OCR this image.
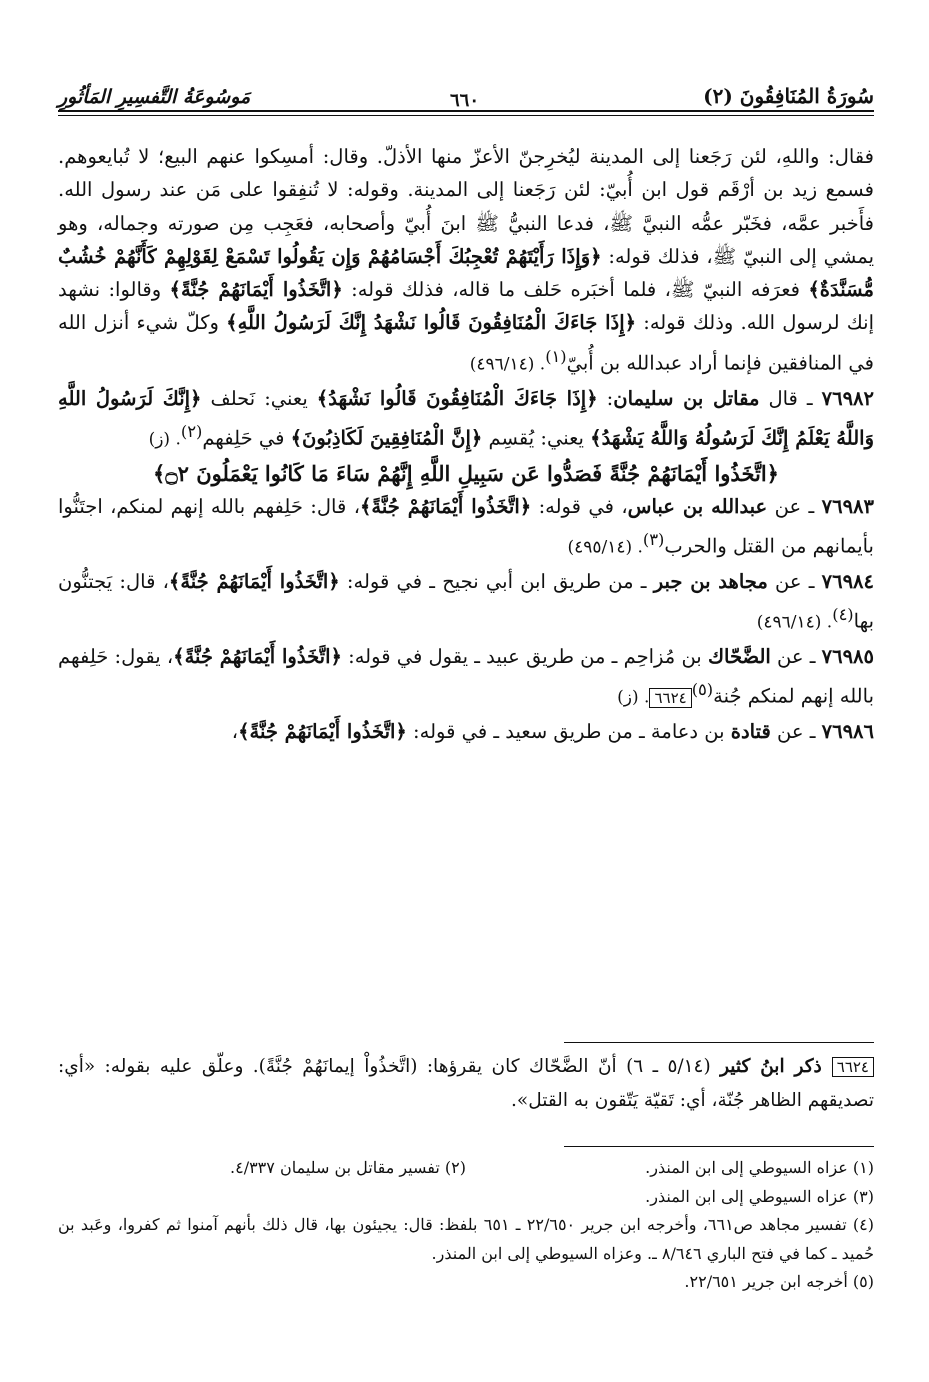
سُورَةُ المُنَافِقُونَ (٢)
مَوسُوعَةُ التَّفسِيرِ المَأثُورِ	٦٦٠

فقال: واللهِ، لئن رَجَعنا إلى المدينة ليُخرِجنّ الأعزّ منها الأذلّ. وقال: أمسِكوا عنهم البيع؛ لا تُبايعوهم. فسمع زيد بن أرْقَم قول ابن أُبيّ: لئن رَجَعنا إلى المدينة. وقوله: لا تُنفِقوا على مَن عند رسول الله. فأَخبر عمَّه، فخَبّر عمُّه النبيَّ ﷺ، فدعا النبيُّ ﷺ ابنَ أُبيّ وأصحابه، فعَجِب مِن صورته وجماله، وهو يمشي إلى النبيّ ﷺ، فذلك قوله: ﴿وَإِذَا رَأَيْتَهُمْ تُعْجِبُكَ أَجْسَامُهُمْ وَإِن يَقُولُوا تَسْمَعْ لِقَوْلِهِمْ كَأَنَّهُمْ خُشُبٌ مُّسَنَّدَةٌ﴾ فعرَفه النبيّ ﷺ، فلما أخبَره حَلف ما قاله، فذلك قوله: ﴿اتَّخَذُوا أَيْمَانَهُمْ جُنَّةً﴾ وقالوا: نشهد إنك لرسول الله. وذلك قوله: ﴿إِذَا جَاءَكَ الْمُنَافِقُونَ قَالُوا نَشْهَدُ إِنَّكَ لَرَسُولُ اللَّهِ﴾ وكلّ شيء أنزل الله في المنافقين فإنما أراد عبدالله بن أُبيّ$^{(١)}$. (٤٩٦/١٤)

٧٦٩٨٢ ـ قال مقاتل بن سليمان: ﴿إِذَا جَاءَكَ الْمُنَافِقُونَ قَالُوا نَشْهَدُ﴾ يعني: نَحلف ﴿إِنَّكَ لَرَسُولُ اللَّهِ وَاللَّهُ يَعْلَمُ إِنَّكَ لَرَسُولُهُ وَاللَّهُ يَشْهَدُ﴾ يعني: يُقسِم ﴿إِنَّ الْمُنَافِقِينَ لَكَاذِبُونَ﴾ في حَلِفهم$^{(٢)}$. (ز)

﴿اتَّخَذُوا أَيْمَانَهُمْ جُنَّةً فَصَدُّوا عَن سَبِيلِ اللَّهِ إِنَّهُمْ سَاءَ مَا كَانُوا يَعْمَلُونَ ۝٢﴾

٧٦٩٨٣ ـ عن عبدالله بن عباس، في قوله: ﴿اتَّخَذُوا أَيْمَانَهُمْ جُنَّةً﴾، قال: حَلِفهم بالله إنهم لمنكم، اجتَنُّوا بأيمانهم من القتل والحرب$^{(٣)}$. (٤٩٥/١٤)

٧٦٩٨٤ ـ عن مجاهد بن جبر ـ من طريق ابن أبي نجيح ـ في قوله: ﴿اتَّخَذُوا أَيْمَانَهُمْ جُنَّةً﴾، قال: يَجتنُّون بها$^{(٤)}$. (٤٩٦/١٤)

٧٦٩٨٥ ـ عن الضَّحّاك بن مُزاحِم ـ من طريق عبيد ـ يقول في قوله: ﴿اتَّخَذُوا أَيْمَانَهُمْ جُنَّةً﴾، يقول: حَلِفهم بالله إنهم لمنكم جُنة$^{(٥)}$٦٦٢٤. (ز)

٧٦٩٨٦ ـ عن قتادة بن دعامة ـ من طريق سعيد ـ في قوله: ﴿اتَّخَذُوا أَيْمَانَهُمْ جُنَّةً﴾،

٦٦٢٤ ذكر ابنُ كثير (٥/١٤ ـ ٦) أنّ الضَّحّاك كان يقرؤها: (اتَّخذُواْ إيمانَهُمْ جُنَّةً). وعلّق عليه بقوله: «أي: تصديقهم الظاهر جُنّة، أي: تَقيّة يَتّقون به القتل».
(١) عزاه السيوطي إلى ابن المنذر.
(٢) تفسير مقاتل بن سليمان ٤/٣٣٧.
(٣) عزاه السيوطي إلى ابن المنذر.
(٤) تفسير مجاهد ص٦٦١، وأخرجه ابن جرير ٢٢/٦٥٠ ـ ٦٥١ بلفظ: قال: يجيئون بها، قال ذلك بأنهم آمنوا ثم كفروا، وعَبد بن حُميد ـ كما في فتح الباري ٨/٦٤٦ ـ. وعزاه السيوطي إلى ابن المنذر.
(٥) أخرجه ابن جرير ٢٢/٦٥١.
